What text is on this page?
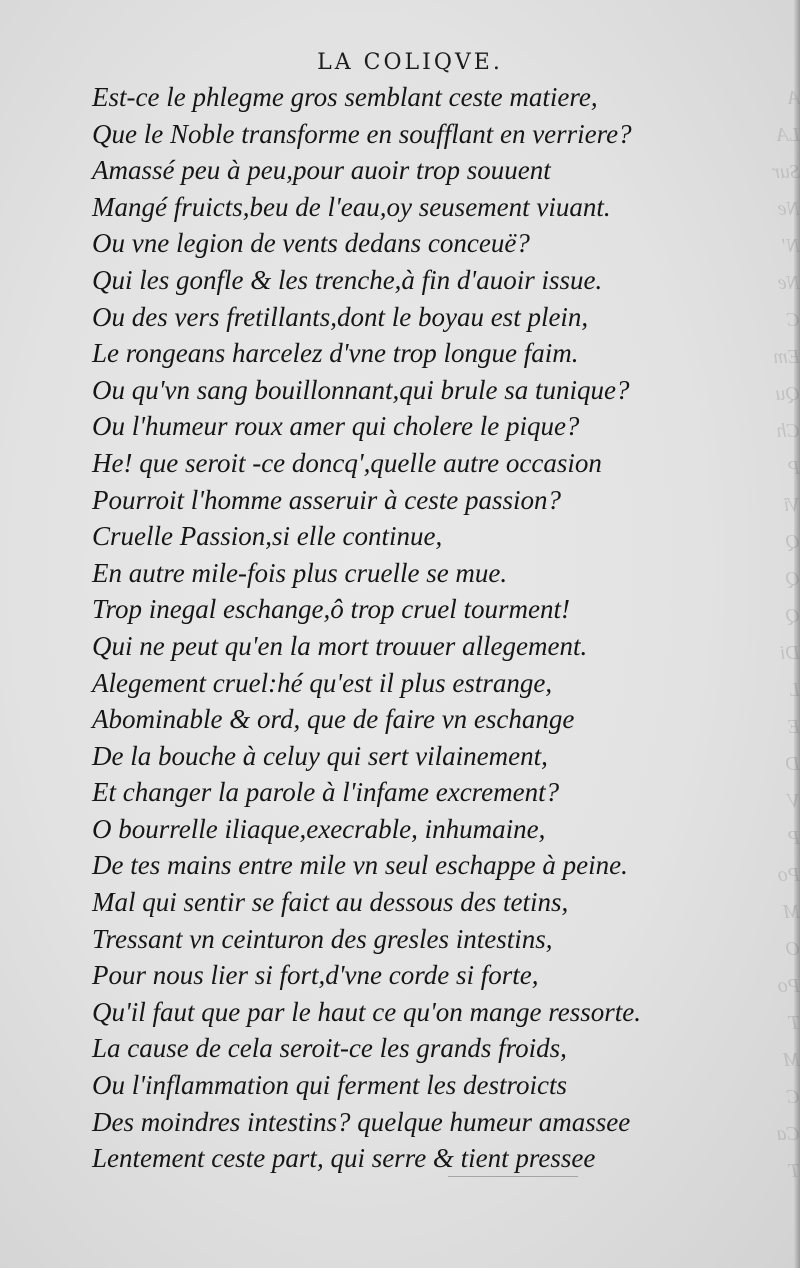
A
LA
Sur
Ne
N'
Ne
C
Em
Qu
Ch
P
Vi
Q
Q
Q
Di
L
E
D
V
P
Po
M
O
Po
T
M
C
Ca
T
LA COLIQVE.
Est-ce le phlegme gros semblant ceste matiere,
Que le Noble transforme en soufflant en verriere?
Amassé peu à peu,pour auoir trop souuent
Mangé fruicts,beu de l'eau,oy seusement viuant.
Ou vne legion de vents dedans conceuë?
Qui les gonfle & les trenche,à fin d'auoir issue.
Ou des vers fretillants,dont le boyau est plein,
Le rongeans harcelez d'vne trop longue faim.
Ou qu'vn sang bouillonnant,qui brule sa tunique?
Ou l'humeur roux amer qui cholere le pique?
He! que seroit -ce doncq',quelle autre occasion
Pourroit l'homme asseruir à ceste passion?
Cruelle Passion,si elle continue,
En autre mile-fois plus cruelle se mue.
Trop inegal eschange,ô trop cruel tourment!
Qui ne peut qu'en la mort trouuer allegement.
Alegement cruel:hé qu'est il plus estrange,
Abominable & ord, que de faire vn eschange
De la bouche à celuy qui sert vilainement,
Et changer la parole à l'infame excrement?
O bourrelle iliaque,execrable, inhumaine,
De tes mains entre mile vn seul eschappe à peine.
Mal qui sentir se faict au dessous des tetins,
Tressant vn ceinturon des gresles intestins,
Pour nous lier si fort,d'vne corde si forte,
Qu'il faut que par le haut ce qu'on mange ressorte.
La cause de cela seroit-ce les grands froids,
Ou l'inflammation qui ferment les destroicts
Des moindres intestins? quelque humeur amassee
Lentement ceste part, qui serre & tient pressee
